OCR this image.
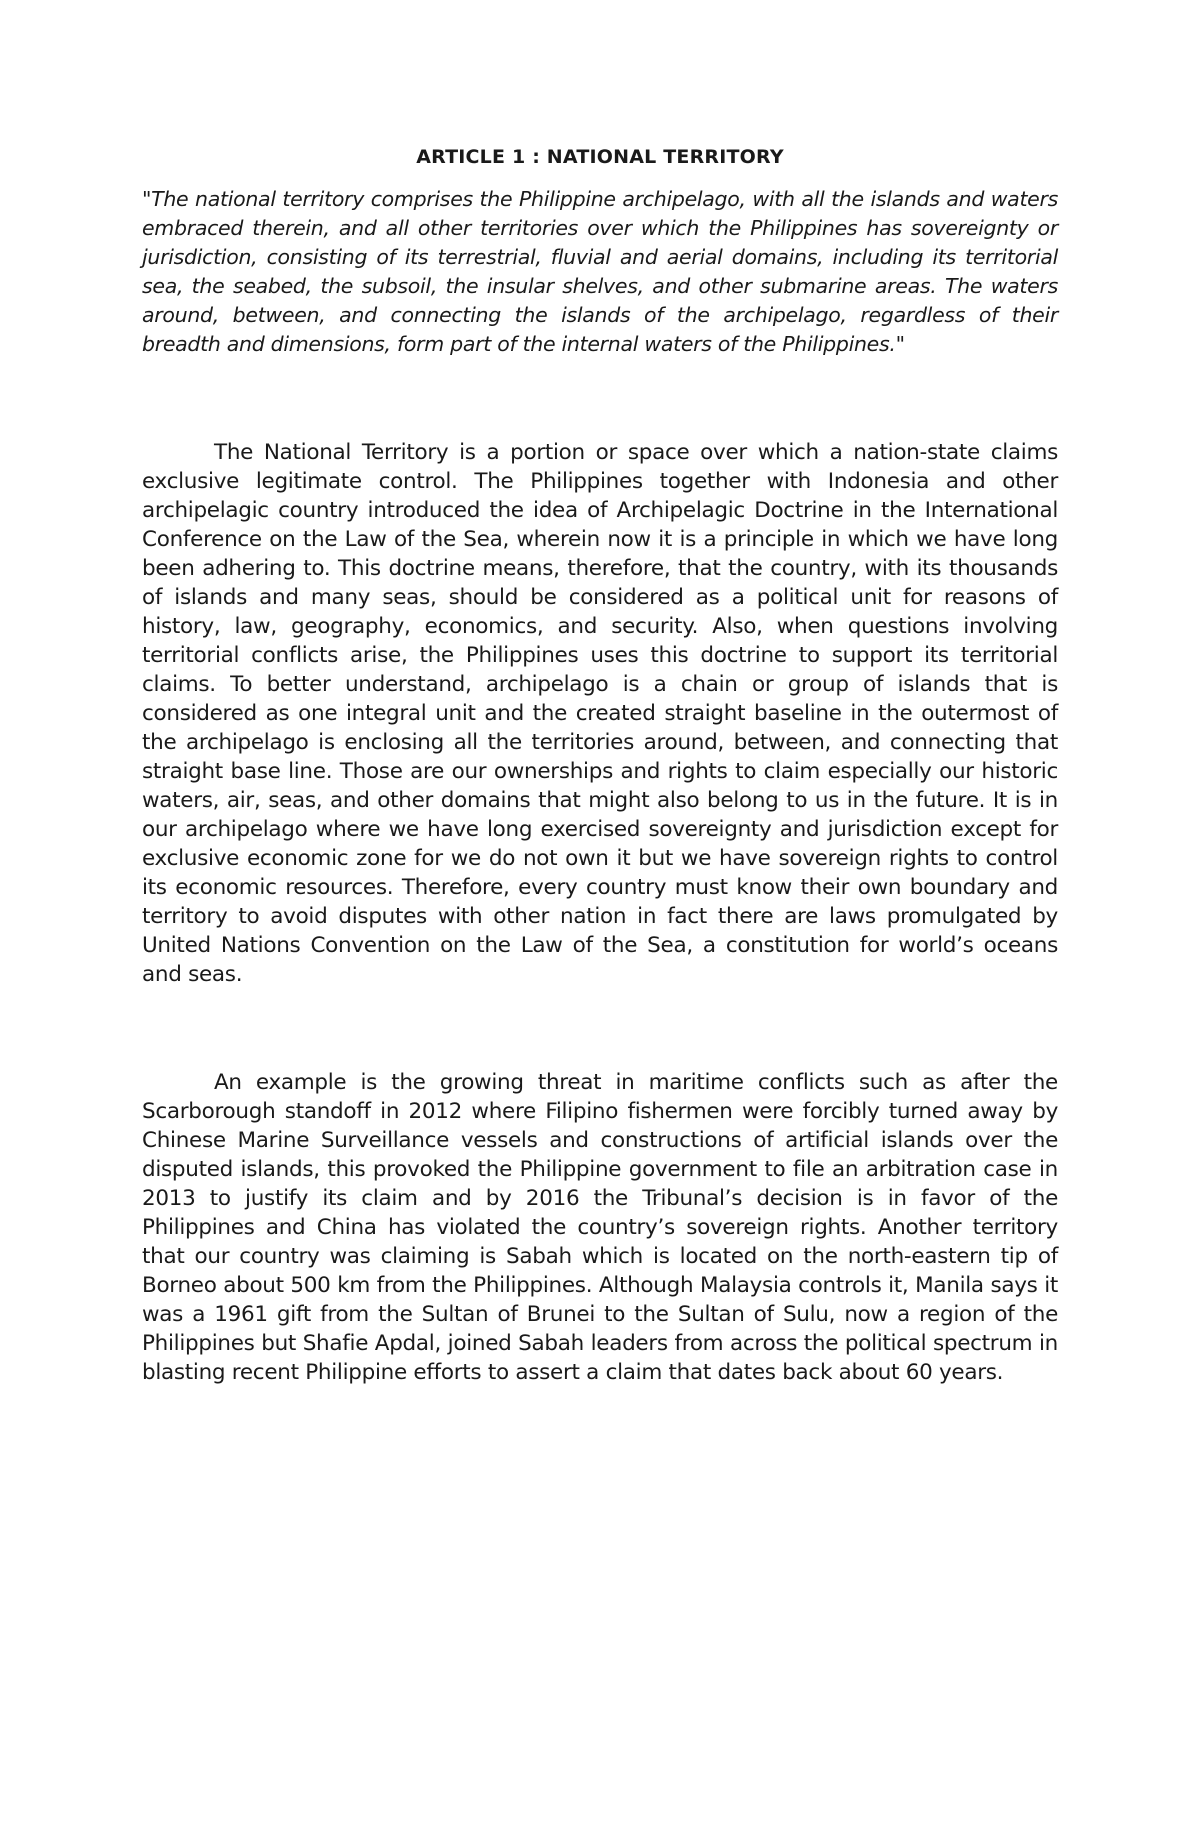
ARTICLE 1 : NATIONAL TERRITORY

"The national territory comprises the Philippine archipelago, with all the islands and waters embraced therein, and all other territories over which the Philippines has sovereignty or jurisdiction, consisting of its terrestrial, fluvial and aerial domains, including its territorial sea, the seabed, the subsoil, the insular shelves, and other submarine areas. The waters around, between, and connecting the islands of the archipelago, regardless of their breadth and dimensions, form part of the internal waters of the Philippines."

The National Territory is a portion or space over which a nation-state claims exclusive legitimate control. The Philippines together with Indonesia and other archipelagic country introduced the idea of Archipelagic Doctrine in the International Conference on the Law of the Sea, wherein now it is a principle in which we have long been adhering to. This doctrine means, therefore, that the country, with its thousands of islands and many seas, should be considered as a political unit for reasons of history, law, geography, economics, and security. Also, when questions involving territorial conflicts arise, the Philippines uses this doctrine to support its territorial claims. To better understand, archipelago is a chain or group of islands that is considered as one integral unit and the created straight baseline in the outermost of the archipelago is enclosing all the territories around, between, and connecting that straight base line. Those are our ownerships and rights to claim especially our historic waters, air, seas, and other domains that might also belong to us in the future. It is in our archipelago where we have long exercised sovereignty and jurisdiction except for exclusive economic zone for we do not own it but we have sovereign rights to control its economic resources. Therefore, every country must know their own boundary and territory to avoid disputes with other nation in fact there are laws promulgated by United Nations Convention on the Law of the Sea, a constitution for world’s oceans and seas.

An example is the growing threat in maritime conflicts such as after the Scarborough standoff in 2012 where Filipino fishermen were forcibly turned away by Chinese Marine Surveillance vessels and constructions of artificial islands over the disputed islands, this provoked the Philippine government to file an arbitration case in 2013 to justify its claim and by 2016 the Tribunal’s decision is in favor of the Philippines and China has violated the country’s sovereign rights. Another territory that our country was claiming is Sabah which is located on the north-eastern tip of Borneo about 500 km from the Philippines. Although Malaysia controls it, Manila says it was a 1961 gift from the Sultan of Brunei to the Sultan of Sulu, now a region of the Philippines but Shafie Apdal, joined Sabah leaders from across the political spectrum in blasting recent Philippine efforts to assert a claim that dates back about 60 years.
